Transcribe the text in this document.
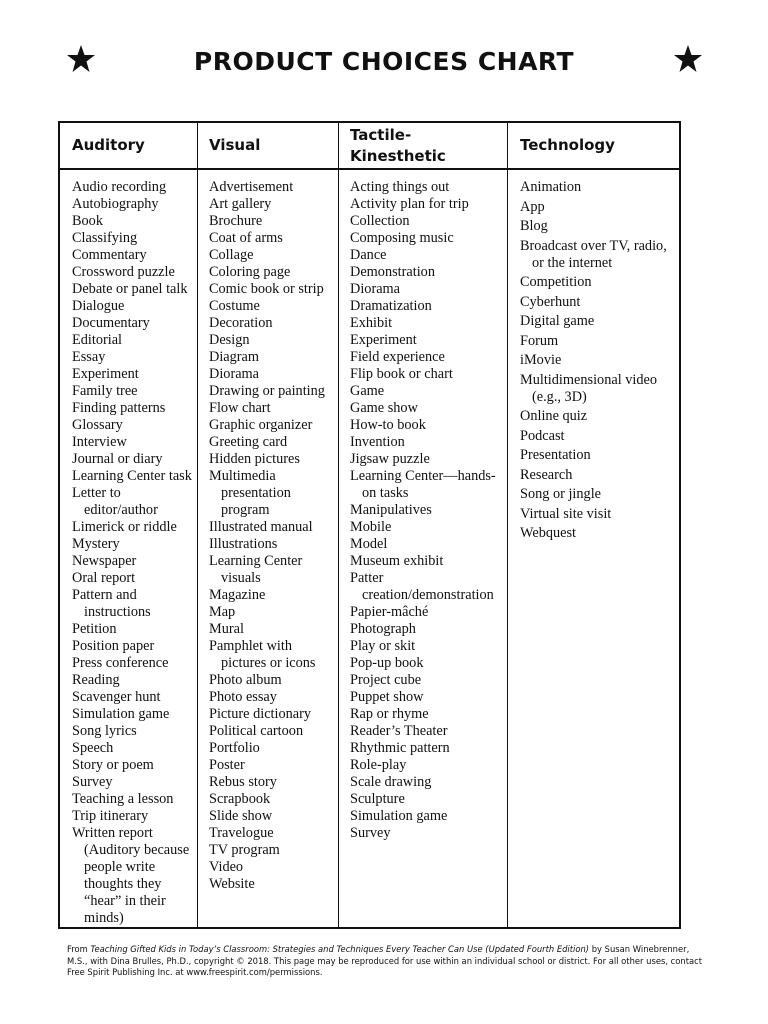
PRODUCT CHOICES CHART
Auditory	Visual
Tactile-Kinesthetic
Technology
Audio recording
Autobiography
Book
Classifying
Commentary
Crossword puzzle
Debate or panel talk
Dialogue
Documentary
Editorial
Essay
Experiment
Family tree
Finding patterns
Glossary
Interview
Journal or diary
Learning Center task
Letter to editor/author
Limerick or riddle
Mystery
Newspaper
Oral report
Pattern and instructions
Petition
Position paper
Press conference
Reading
Scavenger hunt
Simulation game
Song lyrics
Speech
Story or poem
Survey
Teaching a lesson
Trip itinerary
Written report (Auditory because people write thoughts they “hear” in their minds)
Advertisement
Art gallery
Brochure
Coat of arms
Collage
Coloring page
Comic book or strip
Costume
Decoration
Design
Diagram
Diorama
Drawing or painting
Flow chart
Graphic organizer
Greeting card
Hidden pictures
Multimedia presentation program
Illustrated manual
Illustrations
Learning Center visuals
Magazine
Map
Mural
Pamphlet with pictures or icons
Photo album
Photo essay
Picture dictionary
Political cartoon
Portfolio
Poster
Rebus story
Scrapbook
Slide show
Travelogue
TV program
Video
Website
Acting things out
Activity plan for trip
Collection
Composing music
Dance
Demonstration
Diorama
Dramatization
Exhibit
Experiment
Field experience
Flip book or chart
Game
Game show
How-to book
Invention
Jigsaw puzzle
Learning Center—hands-on tasks
Manipulatives
Mobile
Model
Museum exhibit
Patter creation/demonstration
Papier-mâché
Photograph
Play or skit
Pop-up book
Project cube
Puppet show
Rap or rhyme
Reader’s Theater
Rhythmic pattern
Role-play
Scale drawing
Sculpture
Simulation game
Survey
Animation
App
Blog
Broadcast over TV, radio, or the internet
Competition
Cyberhunt
Digital game
Forum
iMovie
Multidimensional video (e.g., 3D)
Online quiz
Podcast
Presentation
Research
Song or jingle
Virtual site visit
Webquest

From Teaching Gifted Kids in Today’s Classroom: Strategies and Techniques Every Teacher Can Use (Updated Fourth Edition) by Susan Winebrenner, M.S., with Dina Brulles, Ph.D., copyright © 2018. This page may be reproduced for use within an individual school or district. For all other uses, contact Free Spirit Publishing Inc. at www.freespirit.com/permissions.
